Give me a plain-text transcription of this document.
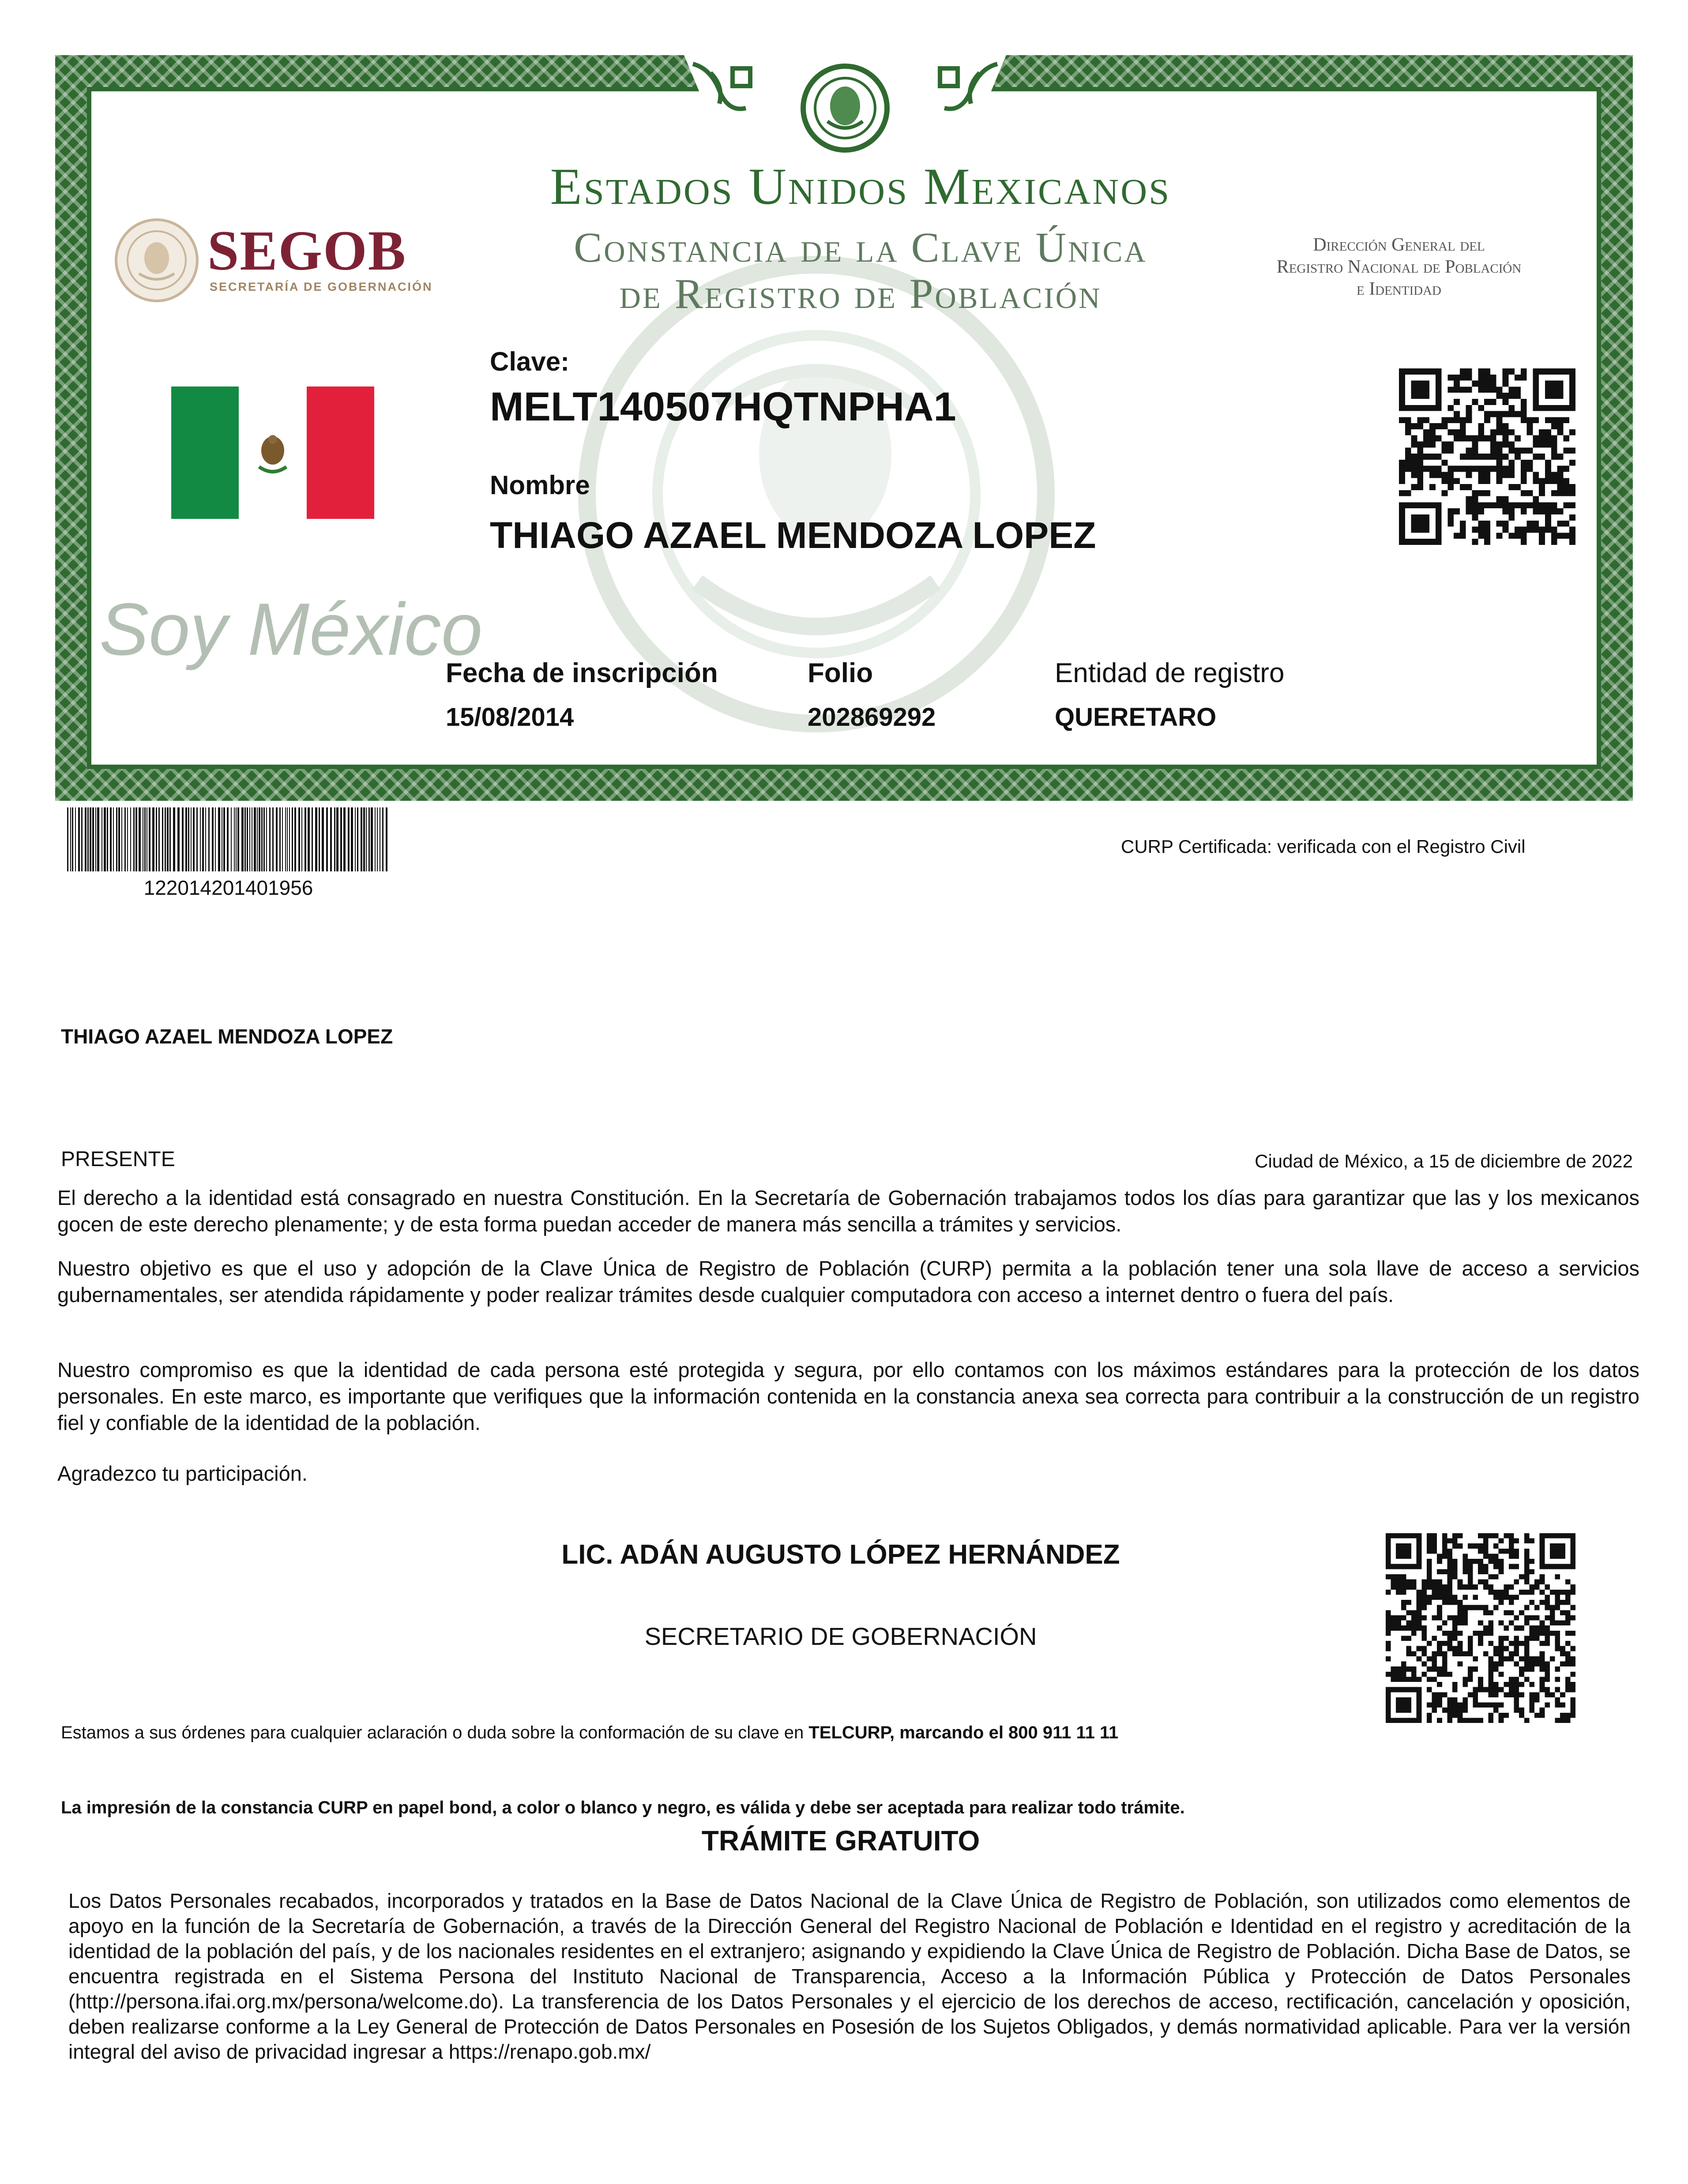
Estados Unidos Mexicanos
Constancia de la Clave Única
de Registro de Población
SEGOB
SECRETARÍA DE GOBERNACIÓN
Dirección General del
Registro Nacional de Población
e Identidad
Soy México
Clave:
MELT140507HQTNPHA1
Nombre
THIAGO AZAEL MENDOZA LOPEZ
Fecha de inscripción
15/08/2014
Folio
202869292
Entidad de registro
QUERETARO
122014201401956
CURP Certificada: verificada con el Registro Civil
THIAGO AZAEL MENDOZA LOPEZ
PRESENTE	Ciudad de México, a 15 de diciembre de 2022
El derecho a la identidad está consagrado en nuestra Constitución. En la Secretaría de Gobernación trabajamos todos los días para garantizar que las y los mexicanos gocen de este derecho plenamente; y de esta forma puedan acceder de manera más sencilla a trámites y servicios.
Nuestro objetivo es que el uso y adopción de la Clave Única de Registro de Población (CURP) permita a la población tener una sola llave de acceso a servicios gubernamentales, ser atendida rápidamente y poder realizar trámites desde cualquier computadora con acceso a internet dentro o fuera del país.
Nuestro compromiso es que la identidad de cada persona esté protegida y segura, por ello contamos con los máximos estándares para la protección de los datos personales. En este marco, es importante que verifiques que la información contenida en la constancia anexa sea correcta para contribuir a la construcción de un registro fiel y confiable de la identidad de la población.
Agradezco tu participación.
LIC. ADÁN AUGUSTO LÓPEZ HERNÁNDEZ
SECRETARIO DE GOBERNACIÓN
Estamos a sus órdenes para cualquier aclaración o duda sobre la conformación de su clave en TELCURP, marcando el 800 911 11 11
La impresión de la constancia CURP en papel bond, a color o blanco y negro, es válida y debe ser aceptada para realizar todo trámite.
TRÁMITE GRATUITO
Los Datos Personales recabados, incorporados y tratados en la Base de Datos Nacional de la Clave Única de Registro de Población, son utilizados como elementos de apoyo en la función de la Secretaría de Gobernación, a través de la Dirección General del Registro Nacional de Población e Identidad en el registro y acreditación de la identidad de la población del país, y de los nacionales residentes en el extranjero; asignando y expidiendo la Clave Única de Registro de Población. Dicha Base de Datos, se encuentra registrada en el Sistema Persona del Instituto Nacional de Transparencia, Acceso a la Información Pública y Protección de Datos Personales (http://persona.ifai.org.mx/persona/welcome.do). La transferencia de los Datos Personales y el ejercicio de los derechos de acceso, rectificación, cancelación y oposición, deben realizarse conforme a la Ley General de Protección de Datos Personales en Posesión de los Sujetos Obligados, y demás normatividad aplicable. Para ver la versión integral del aviso de privacidad ingresar a https://renapo.gob.mx/
